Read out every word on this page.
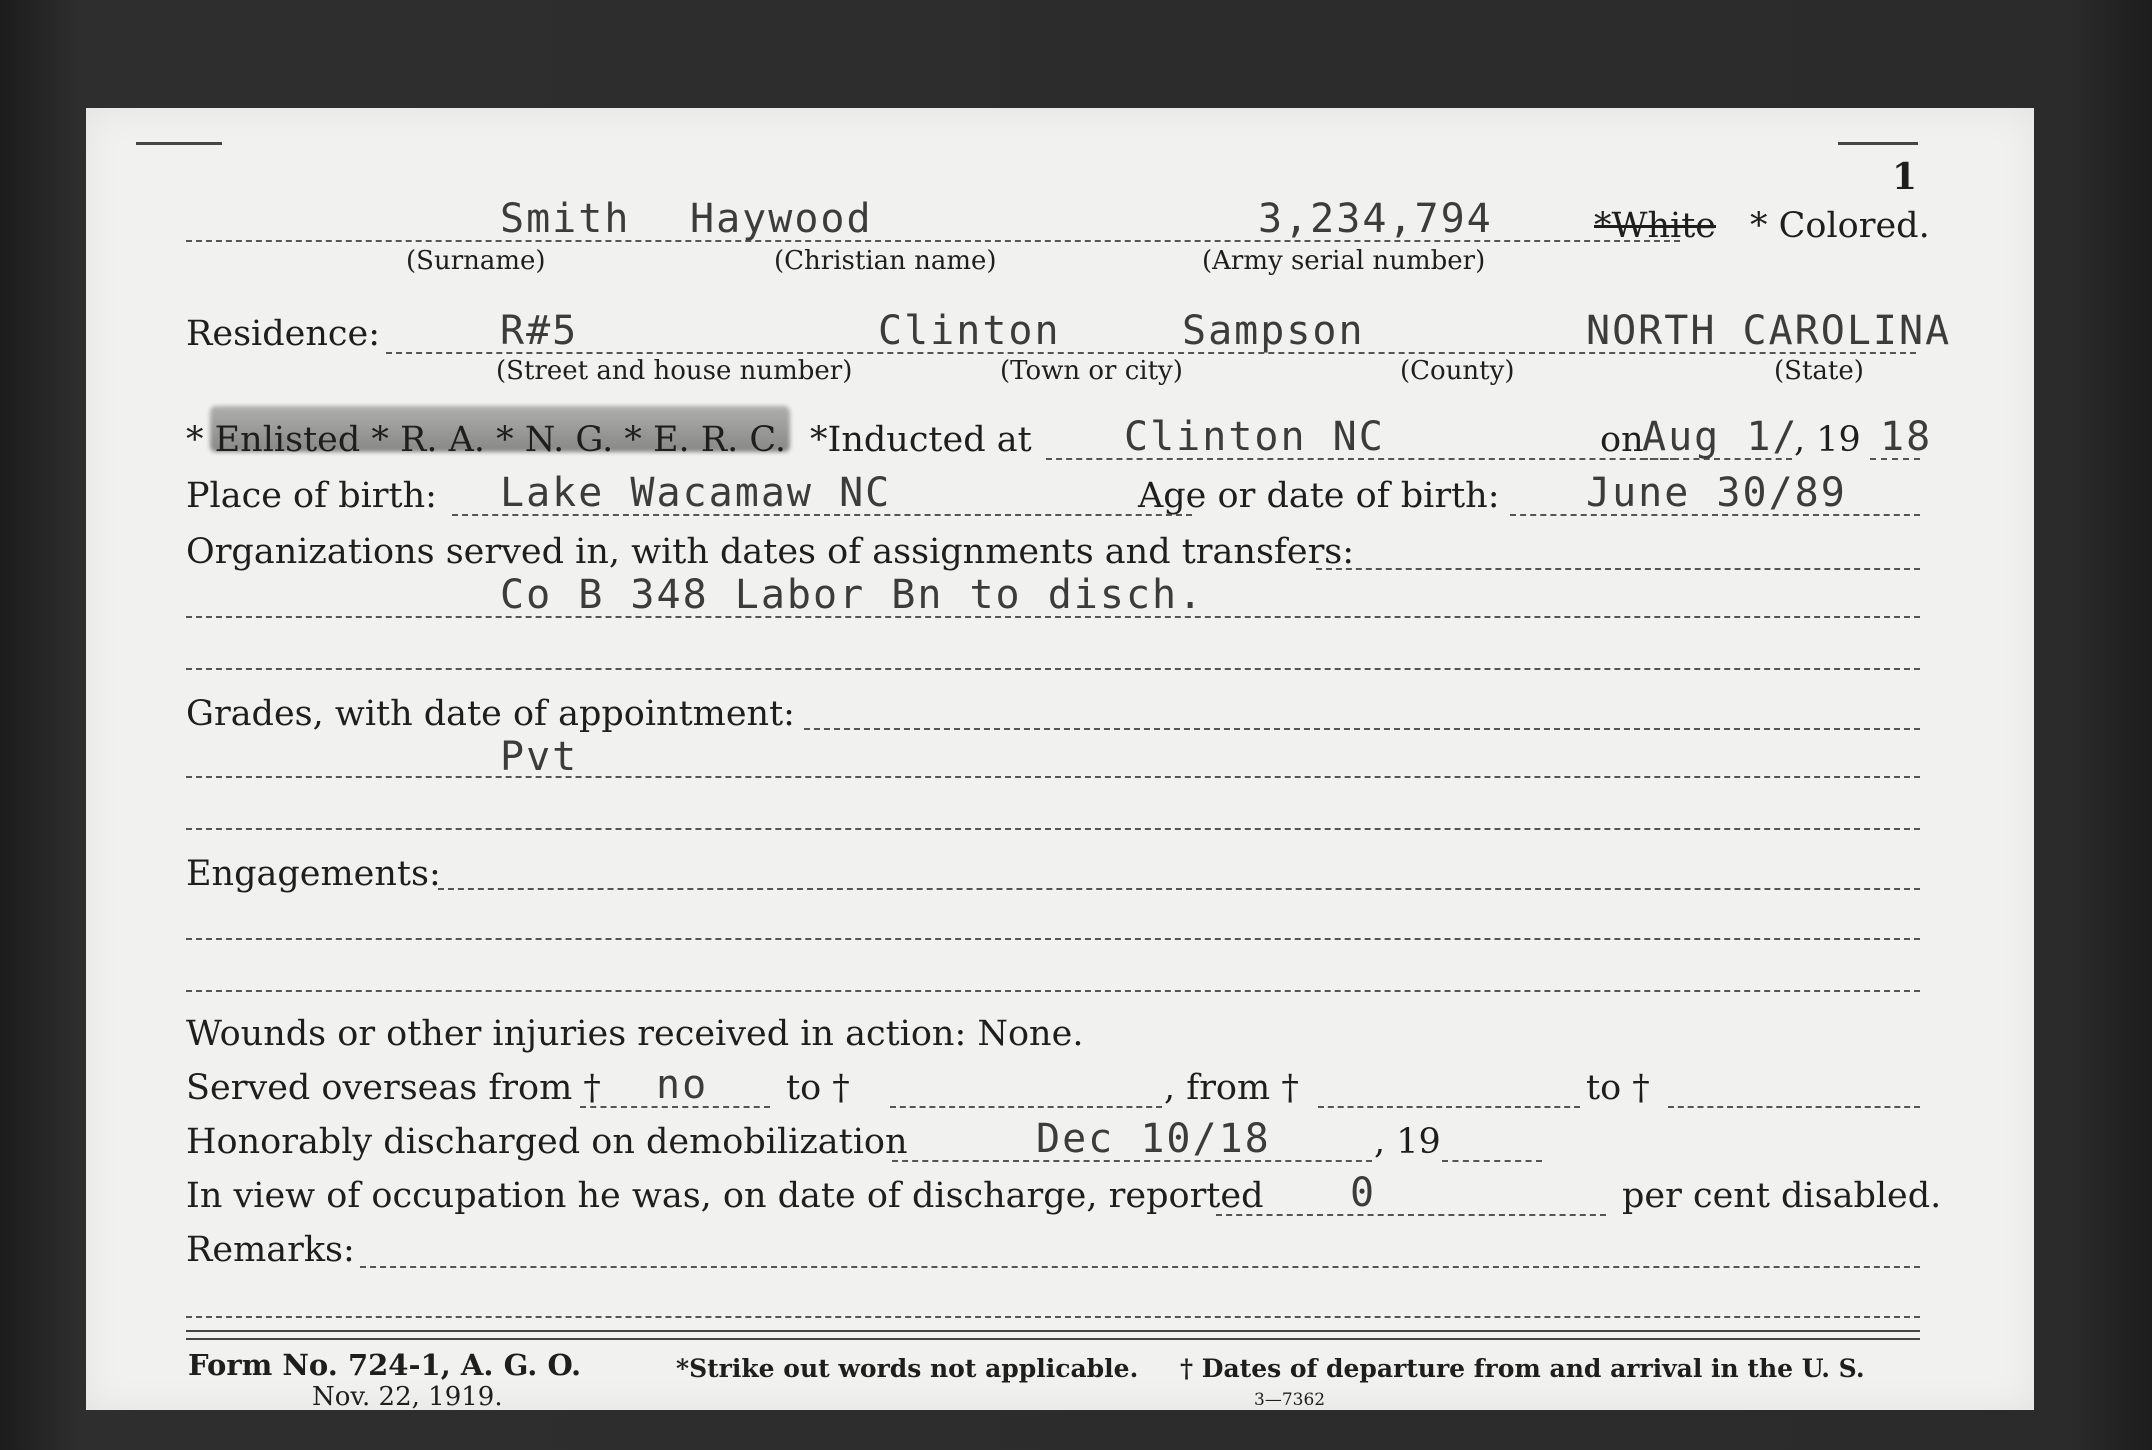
1
Smith Haywood	3,234,794	*White * Colored.
(Surname)	(Christian name)	(Army serial number)
Residence:	R#5	Clinton	Sampson	NORTH CAROLINA
(Street and house number)	(Town or city)	(County)	(State)
* Enlisted * R. A. * N. G. * E. R. C. *Inducted at Clinton NC	on
Aug 1/
, 19 18
Place of birth: Lake Wacamaw NC	Age or date of birth: June 30/89
Organizations served in, with dates of assignments and transfers:
Co B 348 Labor Bn to disch.
Grades, with date of appointment:
Pvt
Engagements:
Wounds or other injuries received in action: None.
Served overseas from † no to †	, from †	to †
Honorably discharged on demobilization	Dec 10/18	, 19
In view of occupation he was, on date of discharge, reported 0	per cent disabled.
Remarks:
Form No. 724-1, A. G. O.
Nov. 22, 1919.
*Strike out words not applicable. † Dates of departure from and arrival in the U. S.
3—7362
